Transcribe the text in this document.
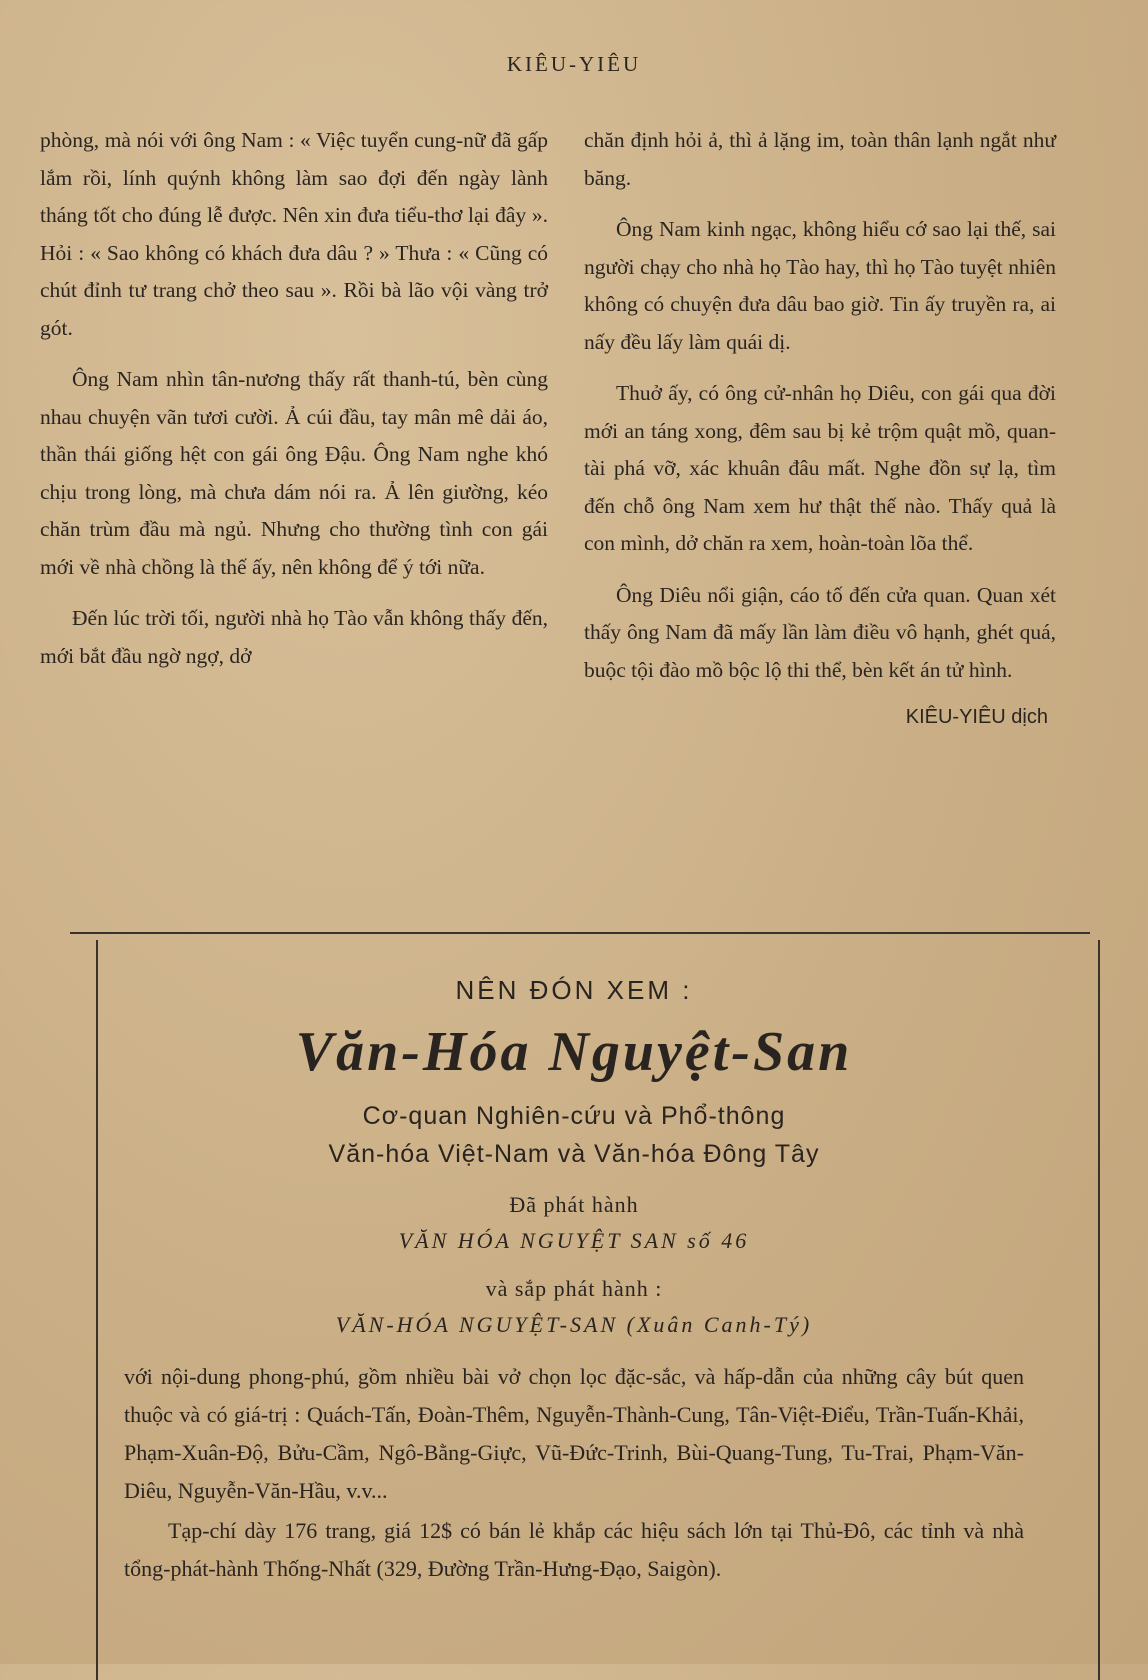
KIÊU-YIÊU

phòng, mà nói với ông Nam : « Việc tuyển cung-nữ đã gấp lắm rồi, lính quýnh không làm sao đợi đến ngày lành tháng tốt cho đúng lễ được. Nên xin đưa tiểu-thơ lại đây ». Hỏi : « Sao không có khách đưa dâu ? » Thưa : « Cũng có chút đỉnh tư trang chở theo sau ». Rồi bà lão vội vàng trở gót.

Ông Nam nhìn tân-nương thấy rất thanh-tú, bèn cùng nhau chuyện vãn tươi cười. Ả cúi đầu, tay mân mê dải áo, thần thái giống hệt con gái ông Đậu. Ông Nam nghe khó chịu trong lòng, mà chưa dám nói ra. Ả lên giường, kéo chăn trùm đầu mà ngủ. Nhưng cho thường tình con gái mới về nhà chồng là thế ấy, nên không để ý tới nữa.

Đến lúc trời tối, người nhà họ Tào vẫn không thấy đến, mới bắt đầu ngờ ngợ, dở

chăn định hỏi ả, thì ả lặng im, toàn thân lạnh ngắt như băng.

Ông Nam kinh ngạc, không hiểu cớ sao lại thế, sai người chạy cho nhà họ Tào hay, thì họ Tào tuyệt nhiên không có chuyện đưa dâu bao giờ. Tin ấy truyền ra, ai nấy đều lấy làm quái dị.

Thuở ấy, có ông cử-nhân họ Diêu, con gái qua đời mới an táng xong, đêm sau bị kẻ trộm quật mồ, quan-tài phá vỡ, xác khuân đâu mất. Nghe đồn sự lạ, tìm đến chỗ ông Nam xem hư thật thế nào. Thấy quả là con mình, dở chăn ra xem, hoàn-toàn lõa thể.

Ông Diêu nổi giận, cáo tố đến cửa quan. Quan xét thấy ông Nam đã mấy lần làm điều vô hạnh, ghét quá, buộc tội đào mồ bộc lộ thi thể, bèn kết án tử hình.

KIÊU-YIÊU dịch
NÊN ĐÓN XEM :
Văn-Hóa Nguyệt-San
Cơ-quan Nghiên-cứu và Phổ-thông
Văn-hóa Việt-Nam và Văn-hóa Đông Tây
Đã phát hành
VĂN HÓA NGUYỆT SAN số 46
và sắp phát hành :
VĂN-HÓA NGUYỆT-SAN (Xuân Canh-Tý)

với nội-dung phong-phú, gồm nhiều bài vở chọn lọc đặc-sắc, và hấp-dẫn của những cây bút quen thuộc và có giá-trị : Quách-Tấn, Đoàn-Thêm, Nguyễn-Thành-Cung, Tân-Việt-Điểu, Trần-Tuấn-Khải, Phạm-Xuân-Độ, Bửu-Cầm, Ngô-Bằng-Giực, Vũ-Đức-Trinh, Bùi-Quang-Tung, Tu-Trai, Phạm-Văn-Diêu, Nguyễn-Văn-Hầu, v.v...

Tạp-chí dày 176 trang, giá 12$ có bán lẻ khắp các hiệu sách lớn tại Thủ-Đô, các tỉnh và nhà tổng-phát-hành Thống-Nhất (329, Đường Trần-Hưng-Đạo, Saigòn).
